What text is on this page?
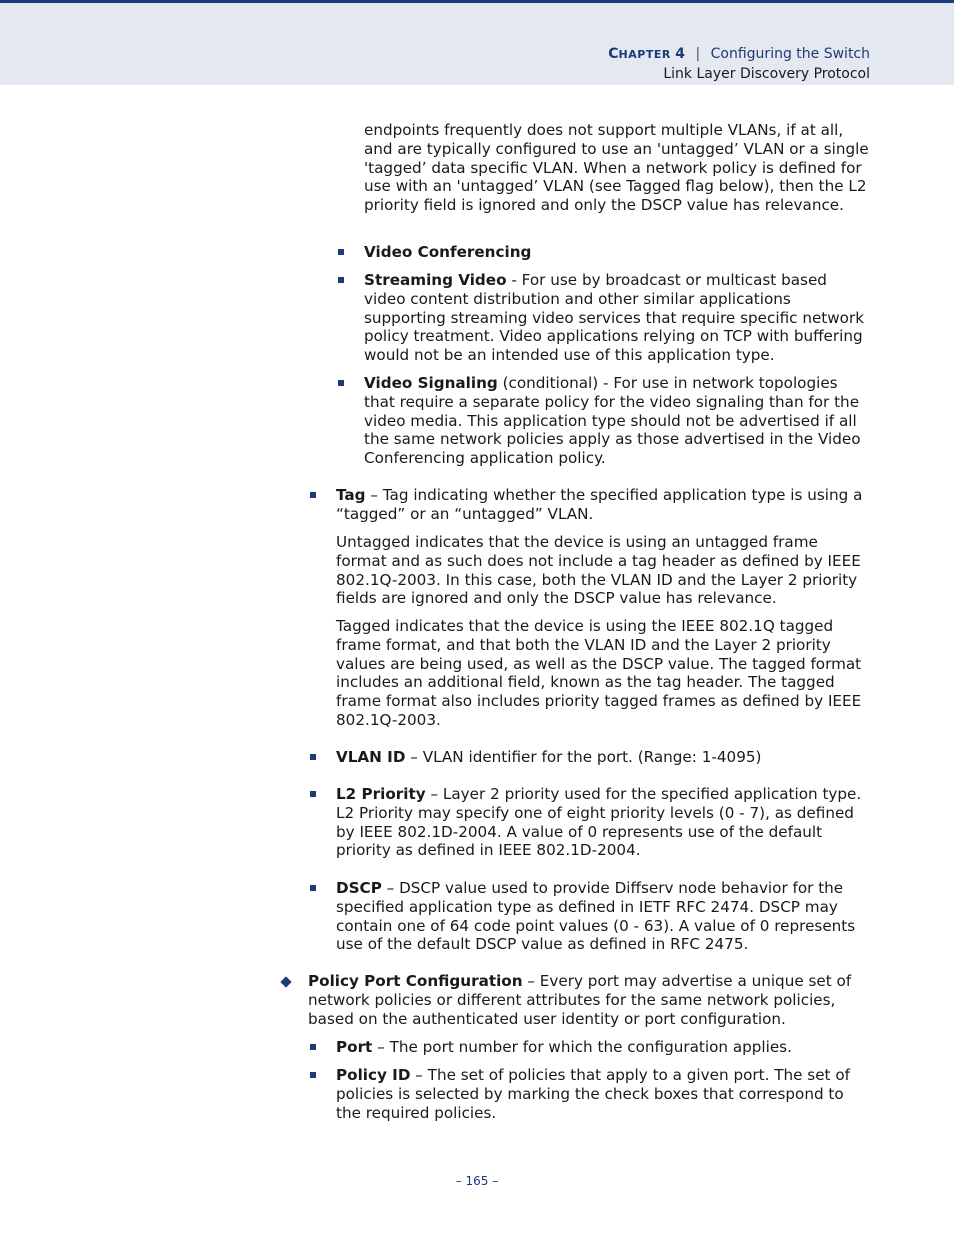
CHAPTER 4 | Configuring the Switch
Link Layer Discovery Protocol

endpoints frequently does not support multiple VLANs, if at all, and are typically configured to use an 'untagged’ VLAN or a single 'tagged’ data specific VLAN. When a network policy is defined for use with an 'untagged’ VLAN (see Tagged flag below), then the L2 priority field is ignored and only the DSCP value has relevance.

Video Conferencing

Streaming Video - For use by broadcast or multicast based video content distribution and other similar applications supporting streaming video services that require specific network policy treatment. Video applications relying on TCP with buffering would not be an intended use of this application type.

Video Signaling (conditional) - For use in network topologies that require a separate policy for the video signaling than for the video media. This application type should not be advertised if all the same network policies apply as those advertised in the Video Conferencing application policy.

Tag – Tag indicating whether the specified application type is using a “tagged” or an “untagged” VLAN.

Untagged indicates that the device is using an untagged frame format and as such does not include a tag header as defined by IEEE 802.1Q-2003. In this case, both the VLAN ID and the Layer 2 priority fields are ignored and only the DSCP value has relevance.

Tagged indicates that the device is using the IEEE 802.1Q tagged frame format, and that both the VLAN ID and the Layer 2 priority values are being used, as well as the DSCP value. The tagged format includes an additional field, known as the tag header. The tagged frame format also includes priority tagged frames as defined by IEEE 802.1Q-2003.

VLAN ID – VLAN identifier for the port. (Range: 1-4095)

L2 Priority – Layer 2 priority used for the specified application type. L2 Priority may specify one of eight priority levels (0 - 7), as defined by IEEE 802.1D-2004. A value of 0 represents use of the default priority as defined in IEEE 802.1D-2004.

DSCP – DSCP value used to provide Diffserv node behavior for the specified application type as defined in IETF RFC 2474. DSCP may contain one of 64 code point values (0 - 63). A value of 0 represents use of the default DSCP value as defined in RFC 2475.

Policy Port Configuration – Every port may advertise a unique set of network policies or different attributes for the same network policies, based on the authenticated user identity or port configuration.

Port – The port number for which the configuration applies.

Policy ID – The set of policies that apply to a given port. The set of policies is selected by marking the check boxes that correspond to the required policies.

– 165 –
